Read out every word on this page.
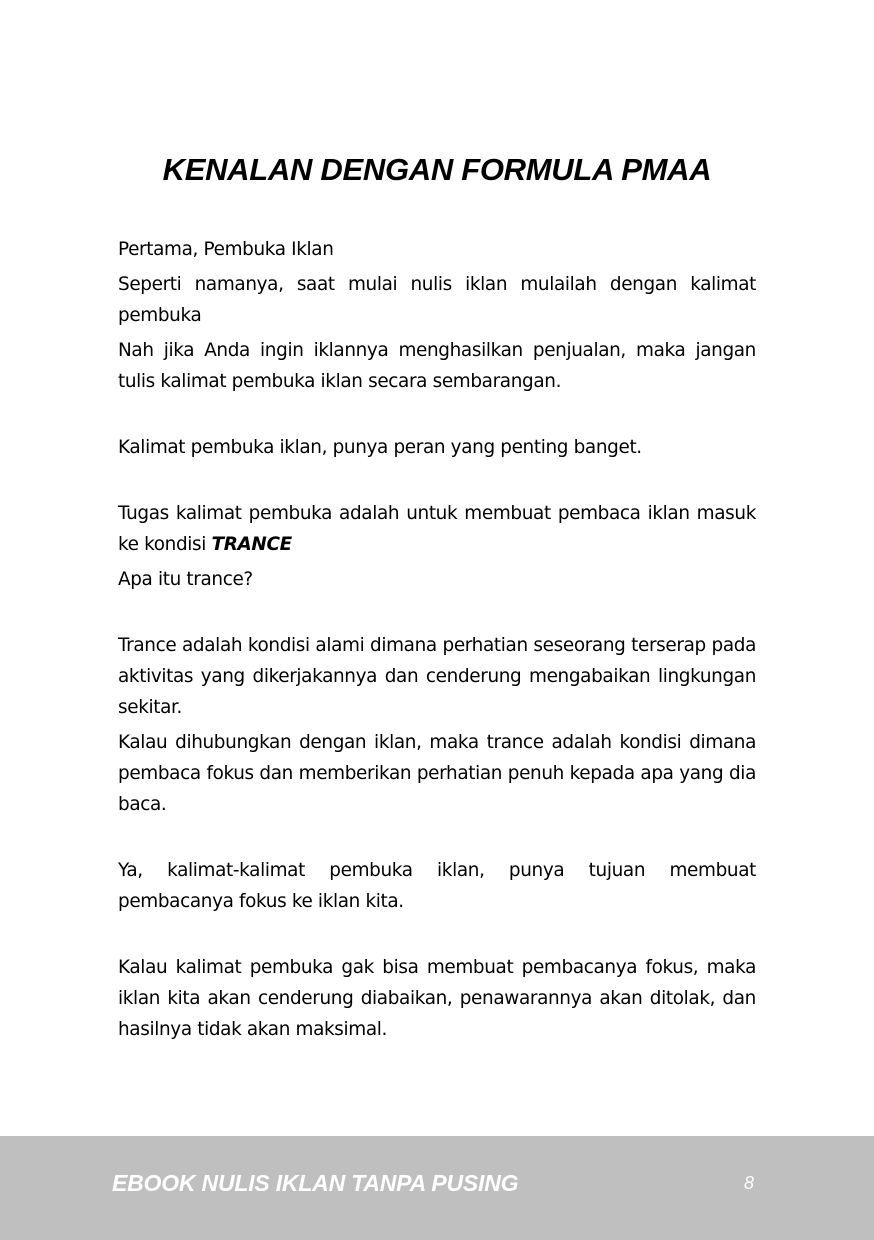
KENALAN DENGAN FORMULA PMAA

Pertama, Pembuka Iklan

Seperti namanya, saat mulai nulis iklan mulailah dengan kalimat pembuka

Nah jika Anda ingin iklannya menghasilkan penjualan, maka jangan tulis kalimat pembuka iklan secara sembarangan.

Kalimat pembuka iklan, punya peran yang penting banget.

Tugas kalimat pembuka adalah untuk membuat pembaca iklan masuk ke kondisi TRANCE

Apa itu trance?

Trance adalah kondisi alami dimana perhatian seseorang terserap pada aktivitas yang dikerjakannya dan cenderung mengabaikan lingkungan sekitar.

Kalau dihubungkan dengan iklan, maka trance adalah kondisi dimana pembaca fokus dan memberikan perhatian penuh kepada apa yang dia baca.

Ya, kalimat-kalimat pembuka iklan, punya tujuan membuat pembacanya fokus ke iklan kita.

Kalau kalimat pembuka gak bisa membuat pembacanya fokus, maka iklan kita akan cenderung diabaikan, penawarannya akan ditolak, dan hasilnya tidak akan maksimal.

EBOOK NULIS IKLAN TANPA PUSING	8
